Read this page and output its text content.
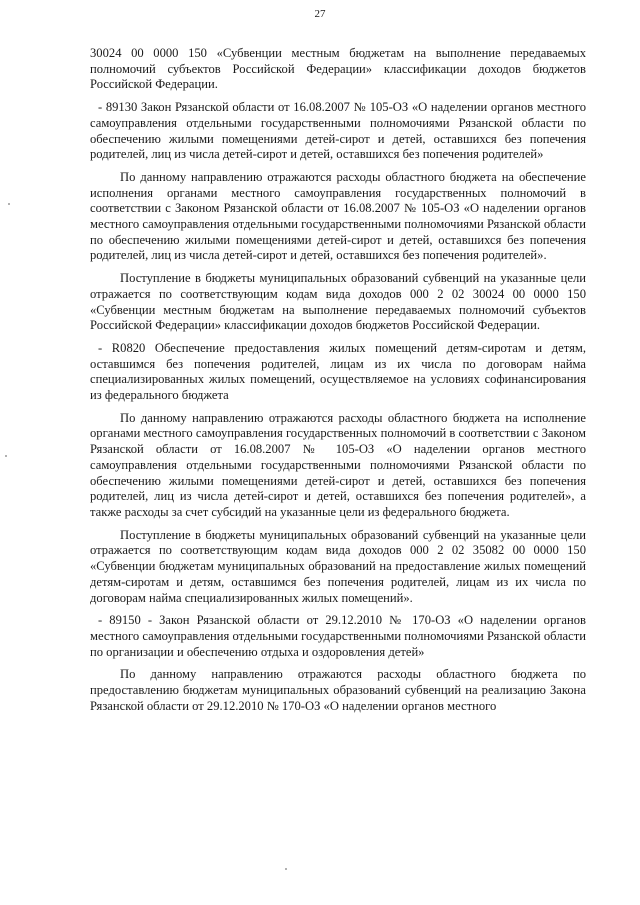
27

30024 00 0000 150 «Субвенции местным бюджетам на выполнение передаваемых полномочий субъектов Российской Федерации» классификации доходов бюджетов Российской Федерации.

- 89130 Закон Рязанской области от 16.08.2007 № 105-ОЗ «О наделении органов местного самоуправления отдельными государственными полномочиями Рязанской области по обеспечению жилыми помещениями детей-сирот и детей, оставшихся без попечения родителей, лиц из числа детей-сирот и детей, оставшихся без попечения родителей»

По данному направлению отражаются расходы областного бюджета на обеспечение исполнения органами местного самоуправления государственных полномочий в соответствии с Законом Рязанской области от 16.08.2007 № 105-ОЗ «О наделении органов местного самоуправления отдельными государственными полномочиями Рязанской области по обеспечению жилыми помещениями детей-сирот и детей, оставшихся без попечения родителей, лиц из числа детей-сирот и детей, оставшихся без попечения родителей».

Поступление в бюджеты муниципальных образований субвенций на указанные цели отражается по соответствующим кодам вида доходов 000 2 02 30024 00 0000 150 «Субвенции местным бюджетам на выполнение передаваемых полномочий субъектов Российской Федерации» классификации доходов бюджетов Российской Федерации.

- R0820 Обеспечение предоставления жилых помещений детям-сиротам и детям, оставшимся без попечения родителей, лицам из их числа по договорам найма специализированных жилых помещений, осуществляемое на условиях софинансирования из федерального бюджета

По данному направлению отражаются расходы областного бюджета на исполнение органами местного самоуправления государственных полномочий в соответствии с Законом Рязанской области от 16.08.2007 № 105-ОЗ «О наделении органов местного самоуправления отдельными государственными полномочиями Рязанской области по обеспечению жилыми помещениями детей-сирот и детей, оставшихся без попечения родителей, лиц из числа детей-сирот и детей, оставшихся без попечения родителей», а также расходы за счет субсидий на указанные цели из федерального бюджета.

Поступление в бюджеты муниципальных образований субвенций на указанные цели отражается по соответствующим кодам вида доходов 000 2 02 35082 00 0000 150 «Субвенции бюджетам муниципальных образований на предоставление жилых помещений детям-сиротам и детям, оставшимся без попечения родителей, лицам из их числа по договорам найма специализированных жилых помещений».

- 89150 - Закон Рязанской области от 29.12.2010 № 170-ОЗ «О наделении органов местного самоуправления отдельными государственными полномочиями Рязанской области по организации и обеспечению отдыха и оздоровления детей»

По данному направлению отражаются расходы областного бюджета по предоставлению бюджетам муниципальных образований субвенций на реализацию Закона Рязанской области от 29.12.2010 № 170-ОЗ «О наделении органов местного
